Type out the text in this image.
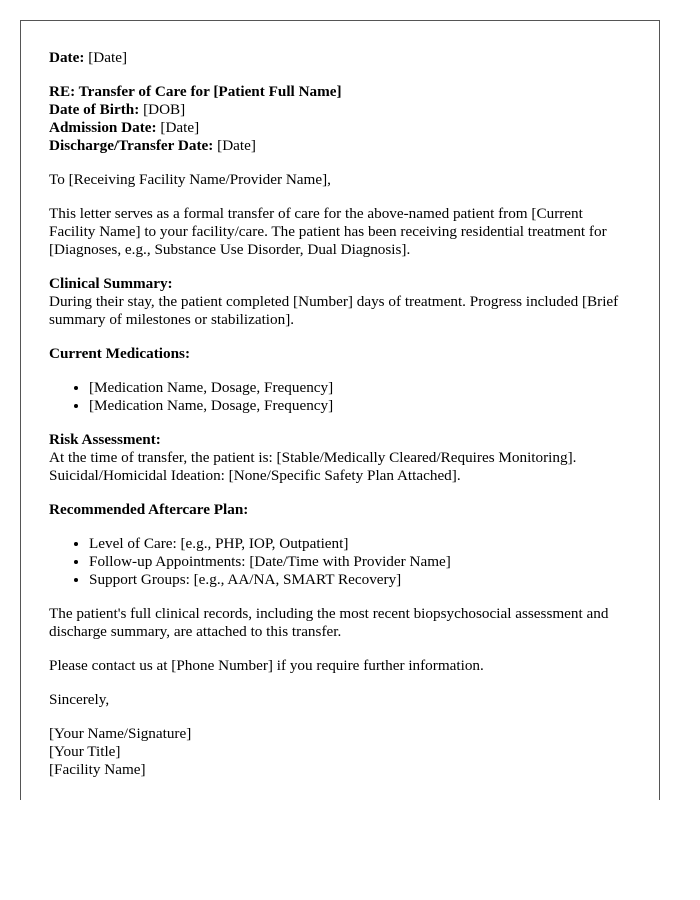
Date: [Date]

RE: Transfer of Care for [Patient Full Name]
Date of Birth: [DOB]
Admission Date: [Date]
Discharge/Transfer Date: [Date]

To [Receiving Facility Name/Provider Name],

This letter serves as a formal transfer of care for the above-named patient from [Current Facility Name] to your facility/care. The patient has been receiving residential treatment for [Diagnoses, e.g., Substance Use Disorder, Dual Diagnosis].

Clinical Summary:
During their stay, the patient completed [Number] days of treatment. Progress included [Brief summary of milestones or stabilization].

Current Medications:

• [Medication Name, Dosage, Frequency]
• [Medication Name, Dosage, Frequency]

Risk Assessment:
At the time of transfer, the patient is: [Stable/Medically Cleared/Requires Monitoring].
Suicidal/Homicidal Ideation: [None/Specific Safety Plan Attached].

Recommended Aftercare Plan:

• Level of Care: [e.g., PHP, IOP, Outpatient]
• Follow-up Appointments: [Date/Time with Provider Name]
• Support Groups: [e.g., AA/NA, SMART Recovery]

The patient's full clinical records, including the most recent biopsychosocial assessment and discharge summary, are attached to this transfer.

Please contact us at [Phone Number] if you require further information.

Sincerely,

[Your Name/Signature]
[Your Title]
[Facility Name]
